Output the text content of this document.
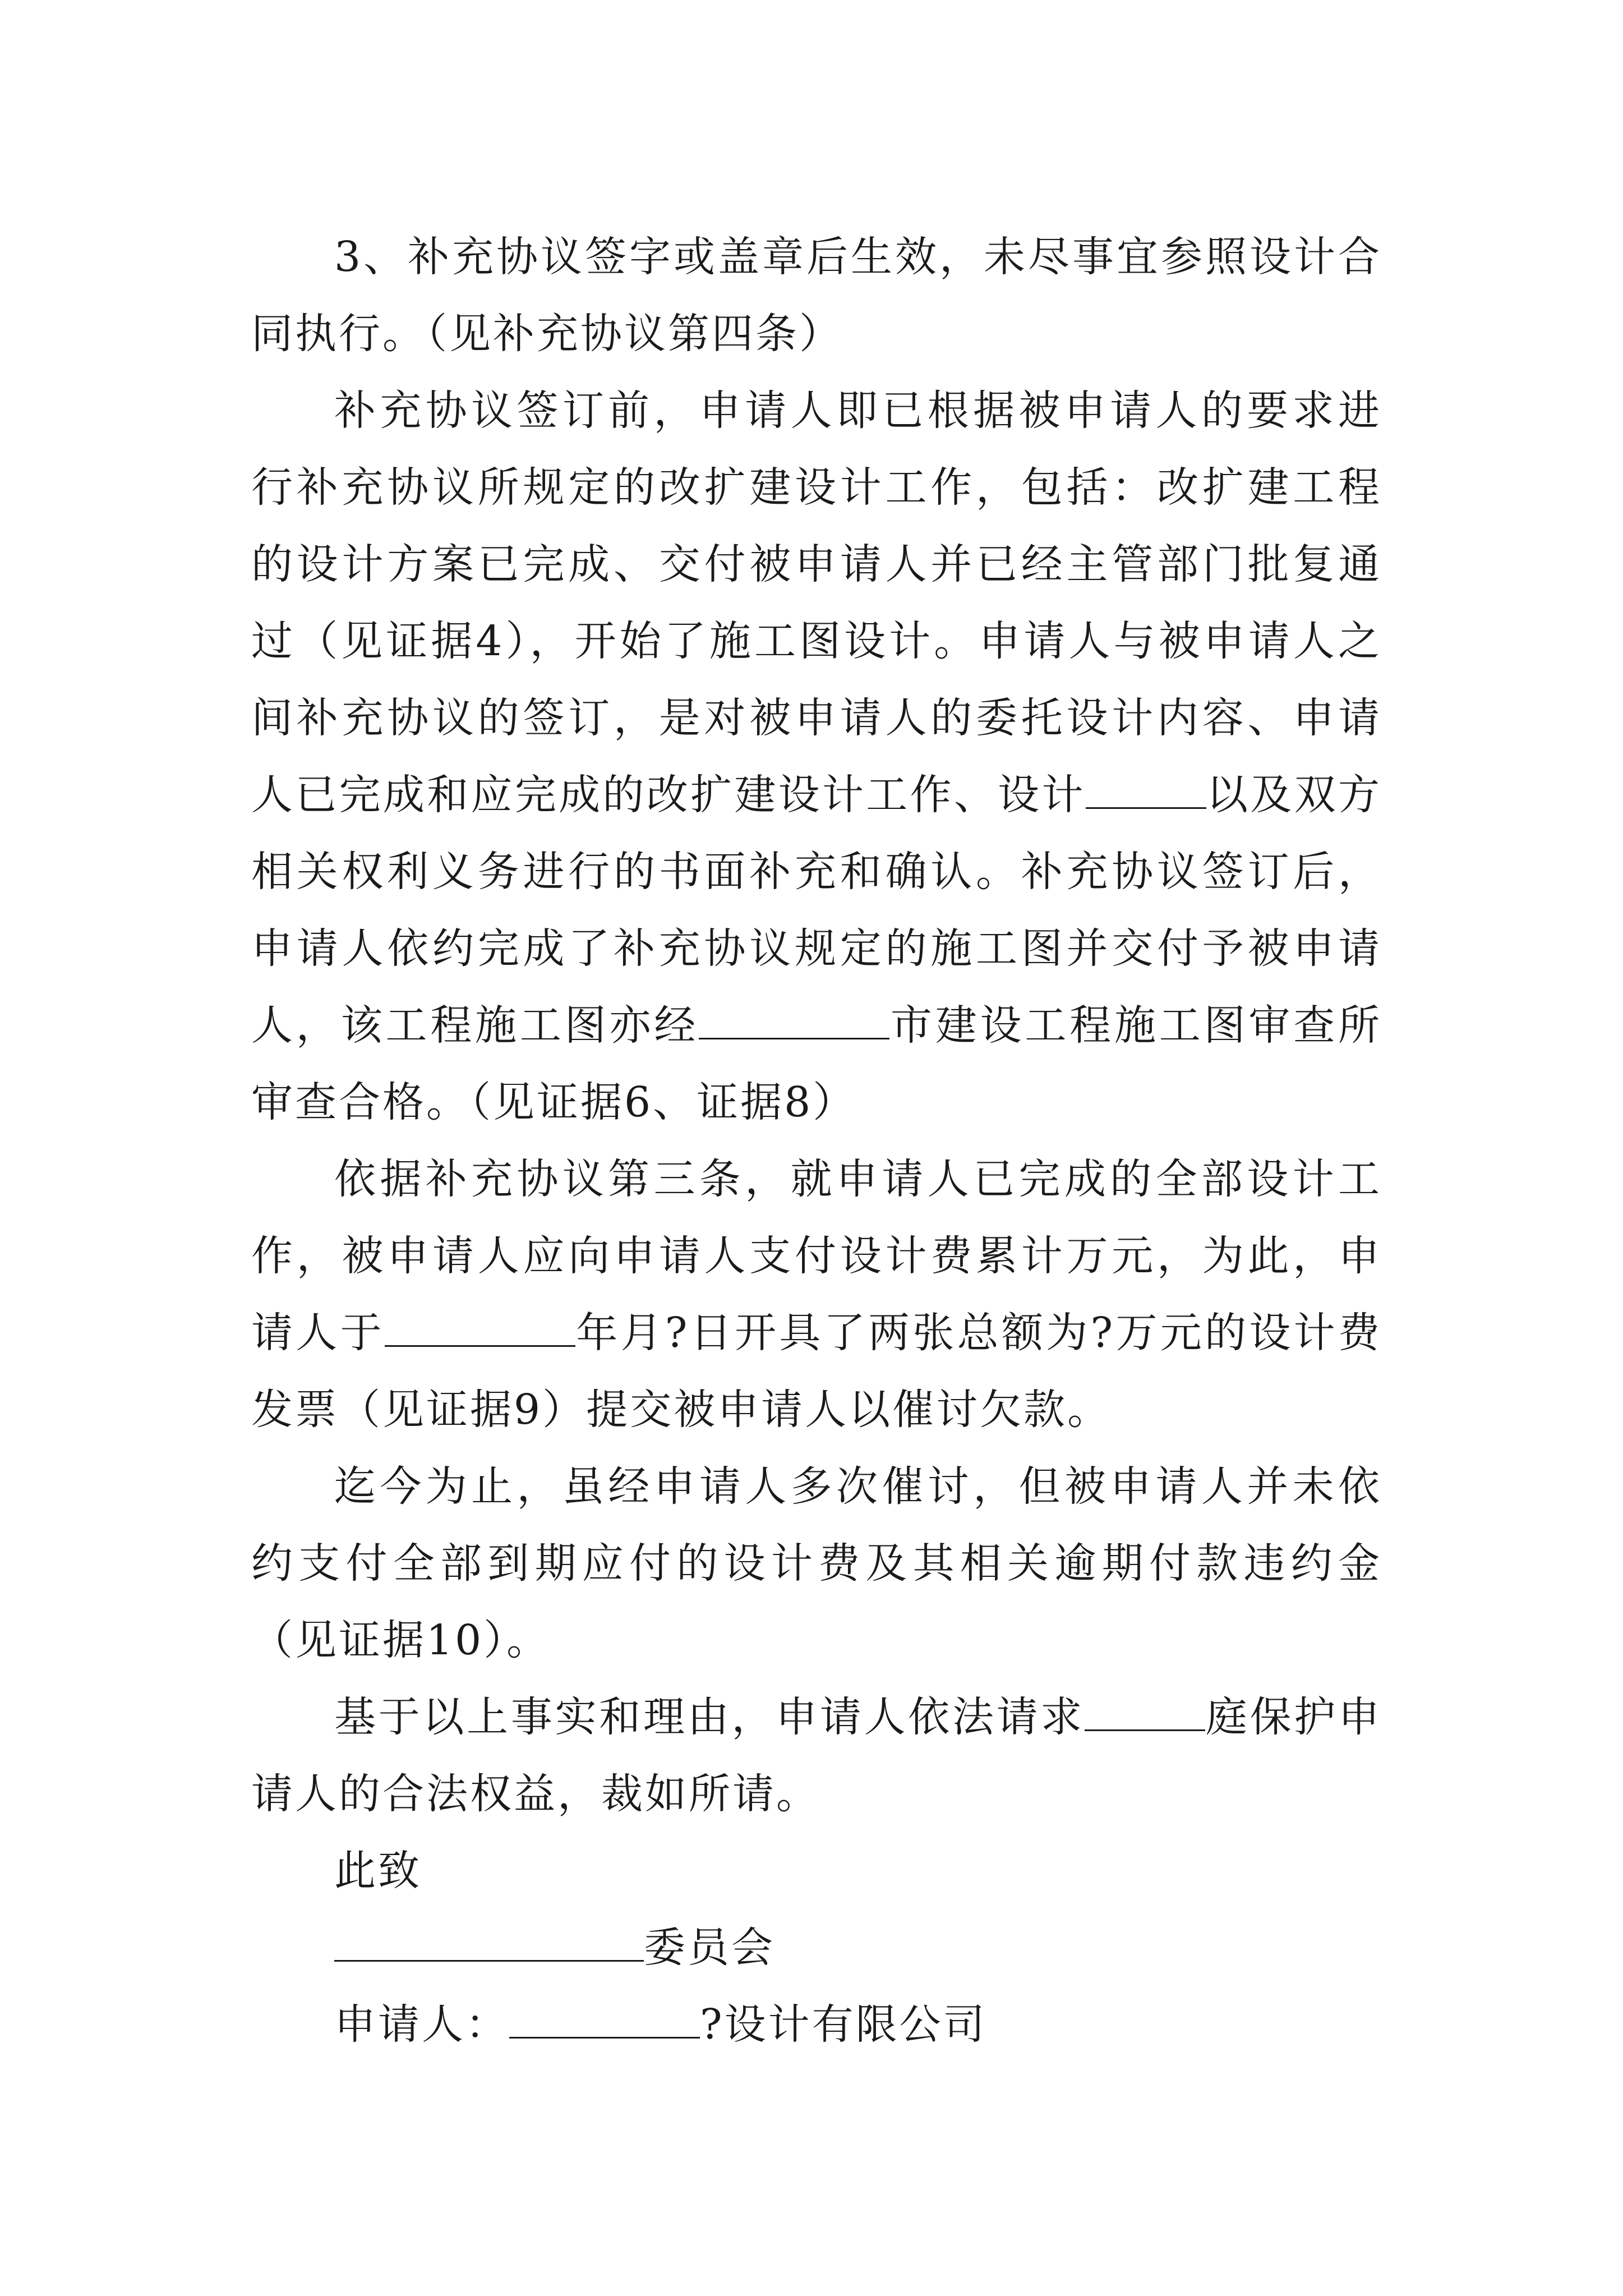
3、补充协议签字或盖章后生效，未尽事宜参照设计合同执行。（见补充协议第四条）

补充协议签订前，申请人即已根据被申请人的要求进行补充协议所规定的改扩建设计工作，包括：改扩建工程的设计方案已完成、交付被申请人并已经主管部门批复通过（见证据4），开始了施工图设计。申请人与被申请人之间补充协议的签订，是对被申请人的委托设计内容、申请人已完成和应完成的改扩建设计工作、设计	以及双方相关权利义务进行的书面补充和确认。补充协议签订后，申请人依约完成了补充协议规定的施工图并交付予被申请人，该工程施工图亦经	市建设工程施工图审查所审查合格。（见证据6、证据8）

依据补充协议第三条，就申请人已完成的全部设计工作，被申请人应向申请人支付设计费累计万元，为此，申请人于	年月?日开具了两张总额为?万元的设计费发票（见证据9）提交被申请人以催讨欠款。

迄今为止，虽经申请人多次催讨，但被申请人并未依约支付全部到期应付的设计费及其相关逾期付款违约金（见证据10）。

基于以上事实和理由，申请人依法请求	庭保护申请人的合法权益，裁如所请。

此致

委员会

申请人：	?设计有限公司
